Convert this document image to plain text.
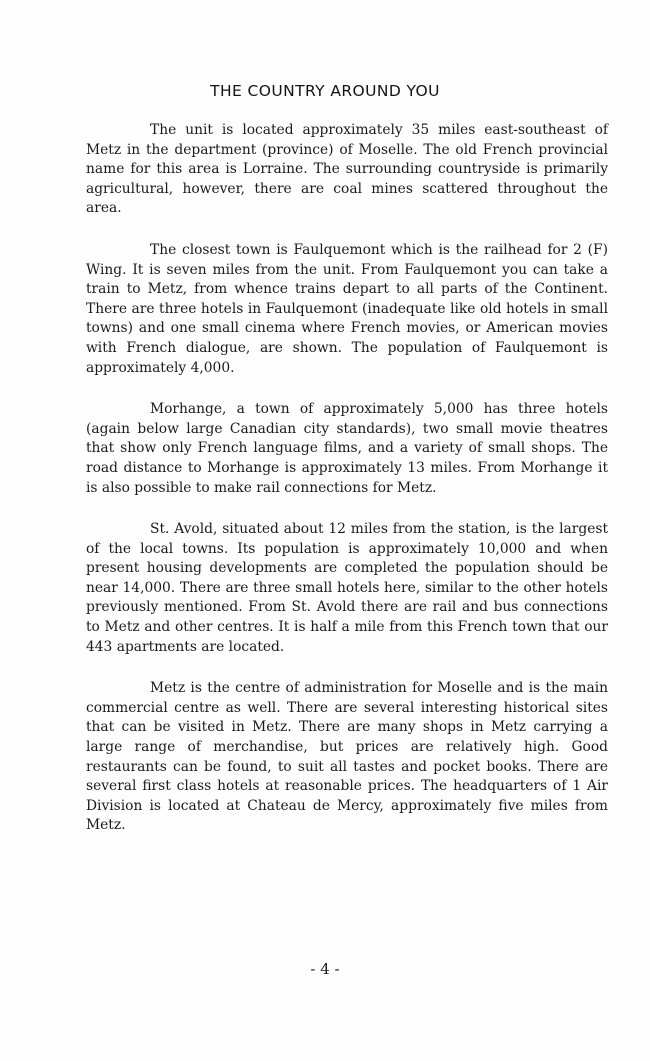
THE COUNTRY AROUND YOU

The unit is located approximately 35 miles east-southeast of Metz in the department (province) of Moselle. The old French provincial name for this area is Lorraine. The surrounding countryside is primarily agricultural, however, there are coal mines scattered throughout the area.

The closest town is Faulquemont which is the railhead for 2 (F) Wing. It is seven miles from the unit. From Faulquemont you can take a train to Metz, from whence trains depart to all parts of the Continent. There are three hotels in Faulquemont (inadequate like old hotels in small towns) and one small cinema where French movies, or American movies with French dialogue, are shown. The population of Faulquemont is approximately 4,000.

Morhange, a town of approximately 5,000 has three hotels (again below large Canadian city standards), two small movie theatres that show only French language films, and a variety of small shops. The road distance to Morhange is approximately 13 miles. From Morhange it is also possible to make rail connections for Metz.

St. Avold, situated about 12 miles from the station, is the largest of the local towns. Its population is approximately 10,000 and when present housing developments are completed the population should be near 14,000. There are three small hotels here, similar to the other hotels previously mentioned. From St. Avold there are rail and bus connections to Metz and other centres. It is half a mile from this French town that our 443 apartments are located.

Metz is the centre of administration for Moselle and is the main commercial centre as well. There are several interesting historical sites that can be visited in Metz. There are many shops in Metz carrying a large range of merchandise, but prices are relatively high. Good restaurants can be found, to suit all tastes and pocket books. There are several first class hotels at reasonable prices. The headquarters of 1 Air Division is located at Chateau de Mercy, approximately five miles from Metz.

- 4 -
